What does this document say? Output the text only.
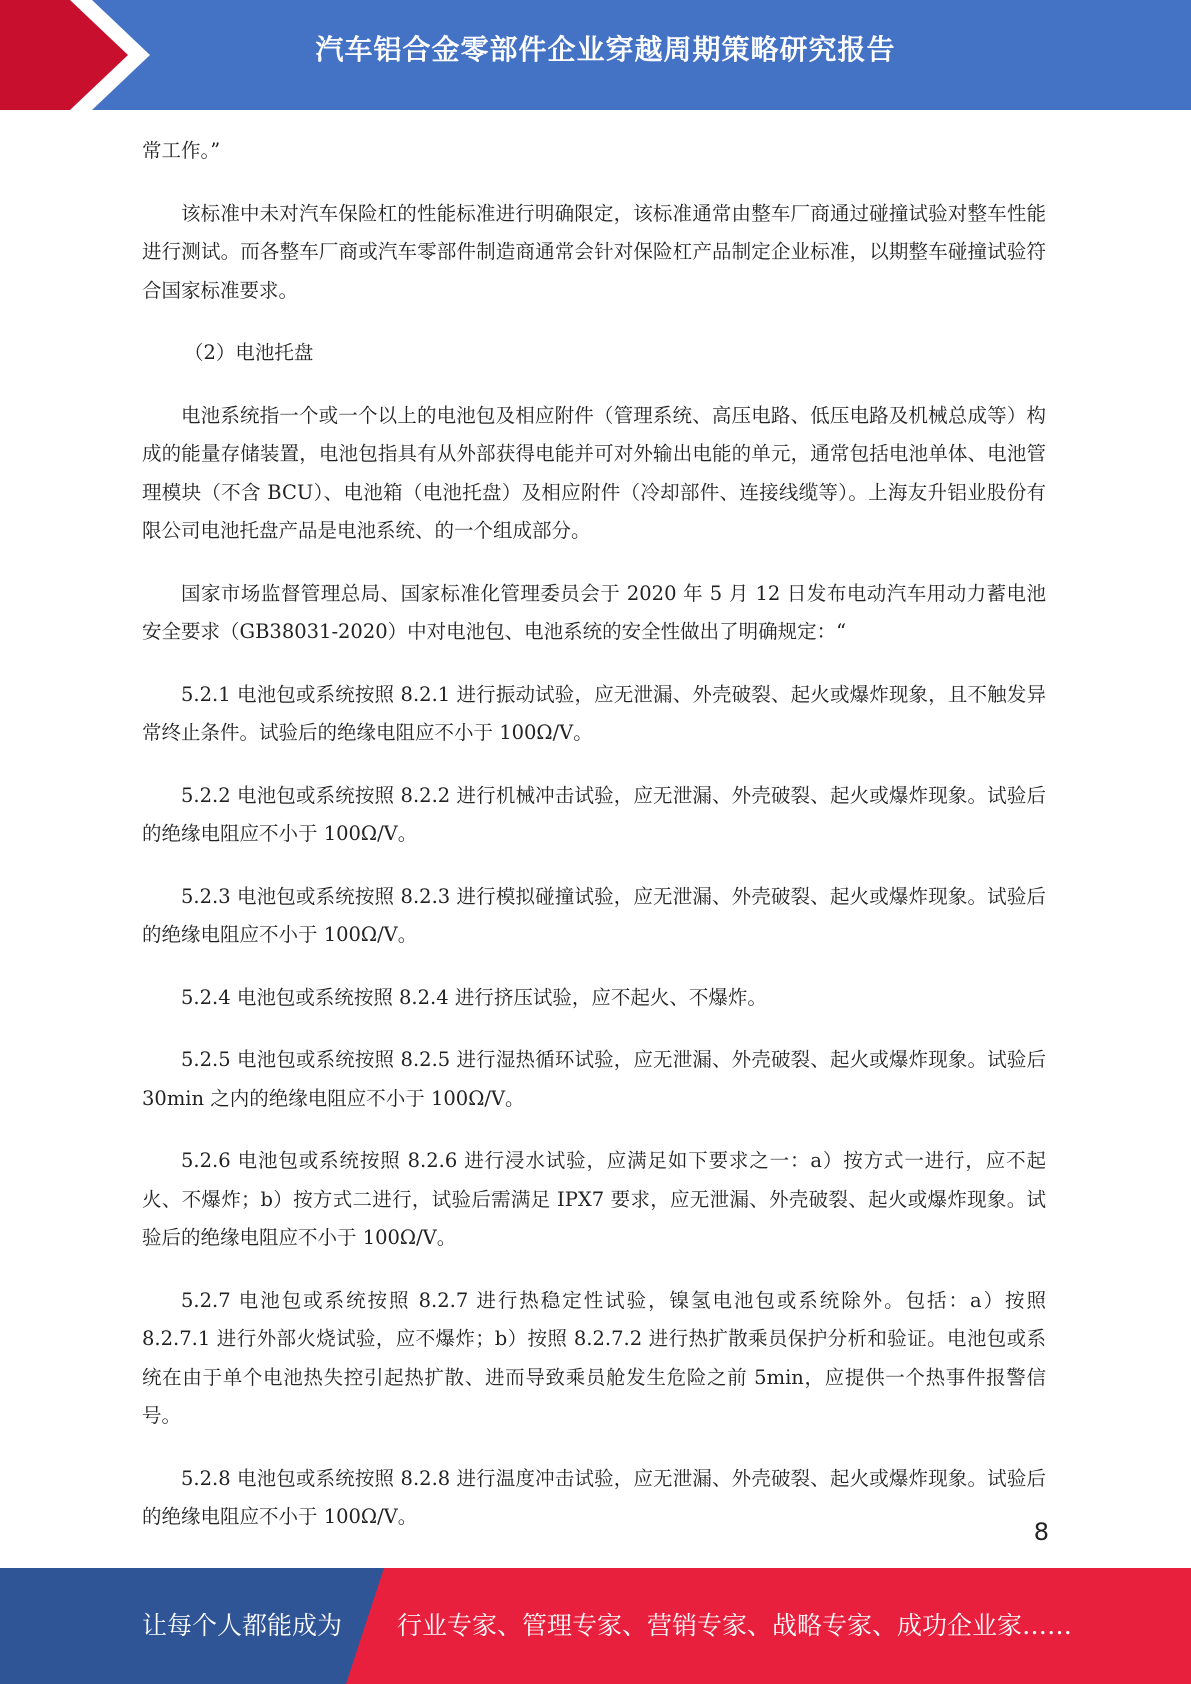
汽车铝合金零部件企业穿越周期策略研究报告

常工作。”

该标准中未对汽车保险杠的性能标准进行明确限定，该标准通常由整车厂商通过碰撞试验对整车性能进行测试。而各整车厂商或汽车零部件制造商通常会针对保险杠产品制定企业标准，以期整车碰撞试验符合国家标准要求。

（2）电池托盘

电池系统指一个或一个以上的电池包及相应附件（管理系统、高压电路、低压电路及机械总成等）构成的能量存储装置，电池包指具有从外部获得电能并可对外输出电能的单元，通常包括电池单体、电池管理模块（不含 BCU）、电池箱（电池托盘）及相应附件（冷却部件、连接线缆等）。上海友升铝业股份有限公司电池托盘产品是电池系统、的一个组成部分。

国家市场监督管理总局、国家标准化管理委员会于 2020 年 5 月 12 日发布电动汽车用动力蓄电池安全要求（GB38031-2020）中对电池包、电池系统的安全性做出了明确规定：“

5.2.1 电池包或系统按照 8.2.1 进行振动试验，应无泄漏、外壳破裂、起火或爆炸现象，且不触发异常终止条件。试验后的绝缘电阻应不小于 100Ω/V。

5.2.2 电池包或系统按照 8.2.2 进行机械冲击试验，应无泄漏、外壳破裂、起火或爆炸现象。试验后的绝缘电阻应不小于 100Ω/V。

5.2.3 电池包或系统按照 8.2.3 进行模拟碰撞试验，应无泄漏、外壳破裂、起火或爆炸现象。试验后的绝缘电阻应不小于 100Ω/V。

5.2.4 电池包或系统按照 8.2.4 进行挤压试验，应不起火、不爆炸。

5.2.5 电池包或系统按照 8.2.5 进行湿热循环试验，应无泄漏、外壳破裂、起火或爆炸现象。试验后 30min 之内的绝缘电阻应不小于 100Ω/V。

5.2.6 电池包或系统按照 8.2.6 进行浸水试验，应满足如下要求之一：a）按方式一进行，应不起火、不爆炸；b）按方式二进行，试验后需满足 IPX7 要求，应无泄漏、外壳破裂、起火或爆炸现象。试验后的绝缘电阻应不小于 100Ω/V。

5.2.7 电池包或系统按照 8.2.7 进行热稳定性试验，镍氢电池包或系统除外。包括：a）按照 8.2.7.1 进行外部火烧试验，应不爆炸；b）按照 8.2.7.2 进行热扩散乘员保护分析和验证。电池包或系统在由于单个电池热失控引起热扩散、进而导致乘员舱发生危险之前 5min，应提供一个热事件报警信号。

5.2.8 电池包或系统按照 8.2.8 进行温度冲击试验，应无泄漏、外壳破裂、起火或爆炸现象。试验后的绝缘电阻应不小于 100Ω/V。

8
让每个人都能成为 行业专家、管理专家、营销专家、战略专家、成功企业家……
